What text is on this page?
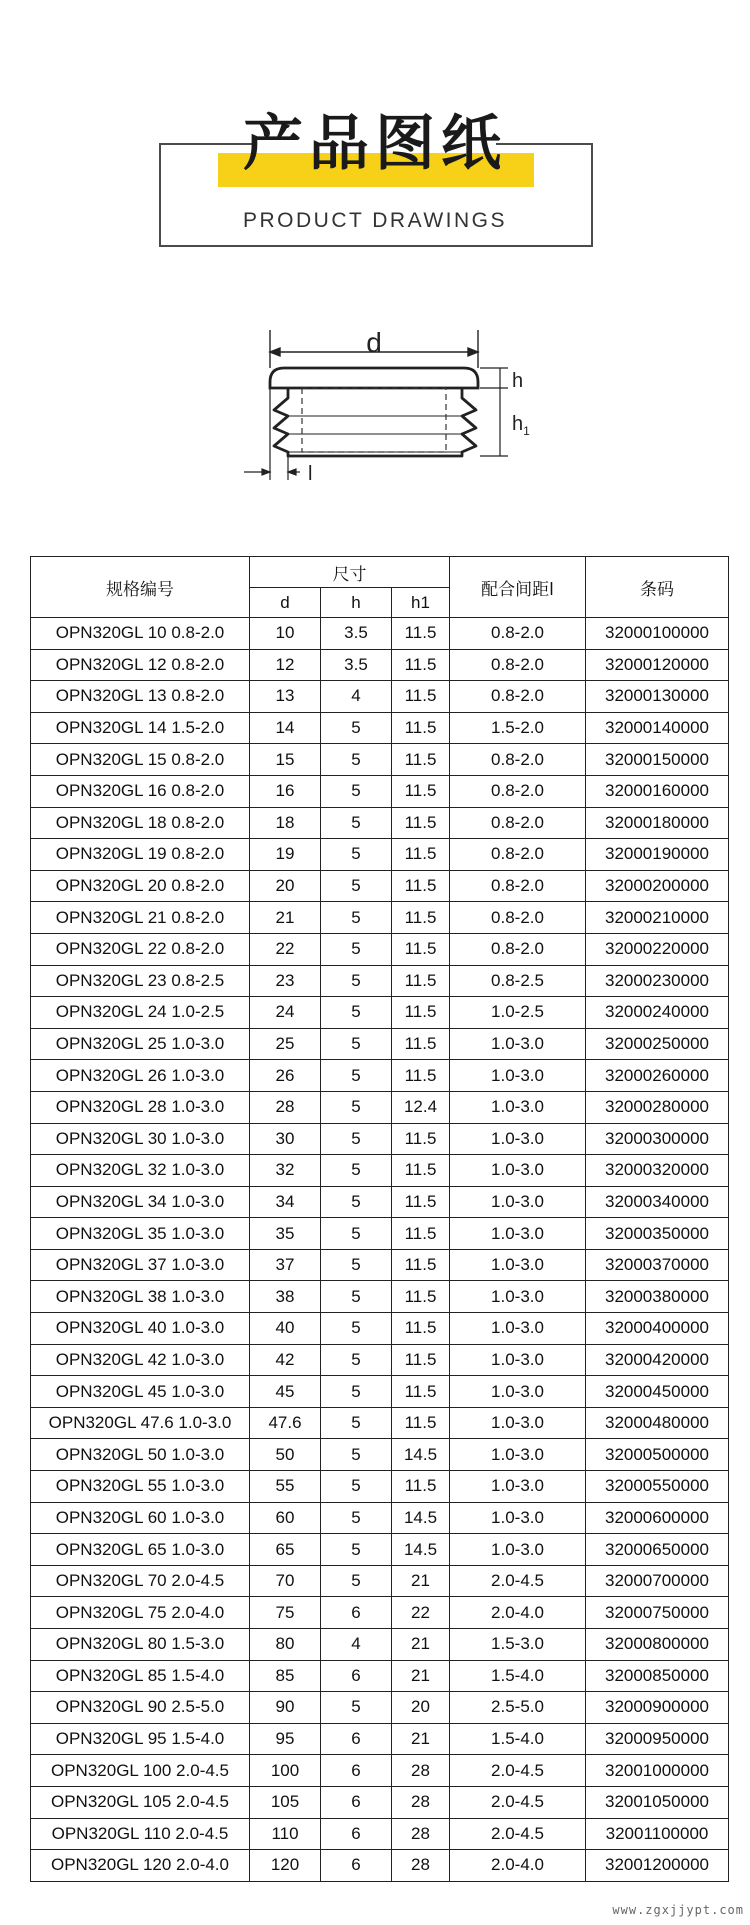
产品图纸
PRODUCT DRAWINGS
d
h
$h_1$
l
规格编号	尺寸			配合间距l	条码
	d	h	h1		
OPN320GL 10 0.8-2.0	10	3.5	11.5	0.8-2.0	32000100000
OPN320GL 12 0.8-2.0	12	3.5	11.5	0.8-2.0	32000120000
OPN320GL 13 0.8-2.0	13	4	11.5	0.8-2.0	32000130000
OPN320GL 14 1.5-2.0	14	5	11.5	1.5-2.0	32000140000
OPN320GL 15 0.8-2.0	15	5	11.5	0.8-2.0	32000150000
OPN320GL 16 0.8-2.0	16	5	11.5	0.8-2.0	32000160000
OPN320GL 18 0.8-2.0	18	5	11.5	0.8-2.0	32000180000
OPN320GL 19 0.8-2.0	19	5	11.5	0.8-2.0	32000190000
OPN320GL 20 0.8-2.0	20	5	11.5	0.8-2.0	32000200000
OPN320GL 21 0.8-2.0	21	5	11.5	0.8-2.0	32000210000
OPN320GL 22 0.8-2.0	22	5	11.5	0.8-2.0	32000220000
OPN320GL 23 0.8-2.5	23	5	11.5	0.8-2.5	32000230000
OPN320GL 24 1.0-2.5	24	5	11.5	1.0-2.5	32000240000
OPN320GL 25 1.0-3.0	25	5	11.5	1.0-3.0	32000250000
OPN320GL 26 1.0-3.0	26	5	11.5	1.0-3.0	32000260000
OPN320GL 28 1.0-3.0	28	5	12.4	1.0-3.0	32000280000
OPN320GL 30 1.0-3.0	30	5	11.5	1.0-3.0	32000300000
OPN320GL 32 1.0-3.0	32	5	11.5	1.0-3.0	32000320000
OPN320GL 34 1.0-3.0	34	5	11.5	1.0-3.0	32000340000
OPN320GL 35 1.0-3.0	35	5	11.5	1.0-3.0	32000350000
OPN320GL 37 1.0-3.0	37	5	11.5	1.0-3.0	32000370000
OPN320GL 38 1.0-3.0	38	5	11.5	1.0-3.0	32000380000
OPN320GL 40 1.0-3.0	40	5	11.5	1.0-3.0	32000400000
OPN320GL 42 1.0-3.0	42	5	11.5	1.0-3.0	32000420000
OPN320GL 45 1.0-3.0	45	5	11.5	1.0-3.0	32000450000
OPN320GL 47.6 1.0-3.0	47.6	5	11.5	1.0-3.0	32000480000
OPN320GL 50 1.0-3.0	50	5	14.5	1.0-3.0	32000500000
OPN320GL 55 1.0-3.0	55	5	11.5	1.0-3.0	32000550000
OPN320GL 60 1.0-3.0	60	5	14.5	1.0-3.0	32000600000
OPN320GL 65 1.0-3.0	65	5	14.5	1.0-3.0	32000650000
OPN320GL 70 2.0-4.5	70	5	21	2.0-4.5	32000700000
OPN320GL 75 2.0-4.0	75	6	22	2.0-4.0	32000750000
OPN320GL 80 1.5-3.0	80	4	21	1.5-3.0	32000800000
OPN320GL 85 1.5-4.0	85	6	21	1.5-4.0	32000850000
OPN320GL 90 2.5-5.0	90	5	20	2.5-5.0	32000900000
OPN320GL 95 1.5-4.0	95	6	21	1.5-4.0	32000950000
OPN320GL 100 2.0-4.5	100	6	28	2.0-4.5	32001000000
OPN320GL 105 2.0-4.5	105	6	28	2.0-4.5	32001050000
OPN320GL 110 2.0-4.5	110	6	28	2.0-4.5	32001100000
OPN320GL 120 2.0-4.0	120	6	28	2.0-4.0	32001200000
www.zgxjjypt.com
